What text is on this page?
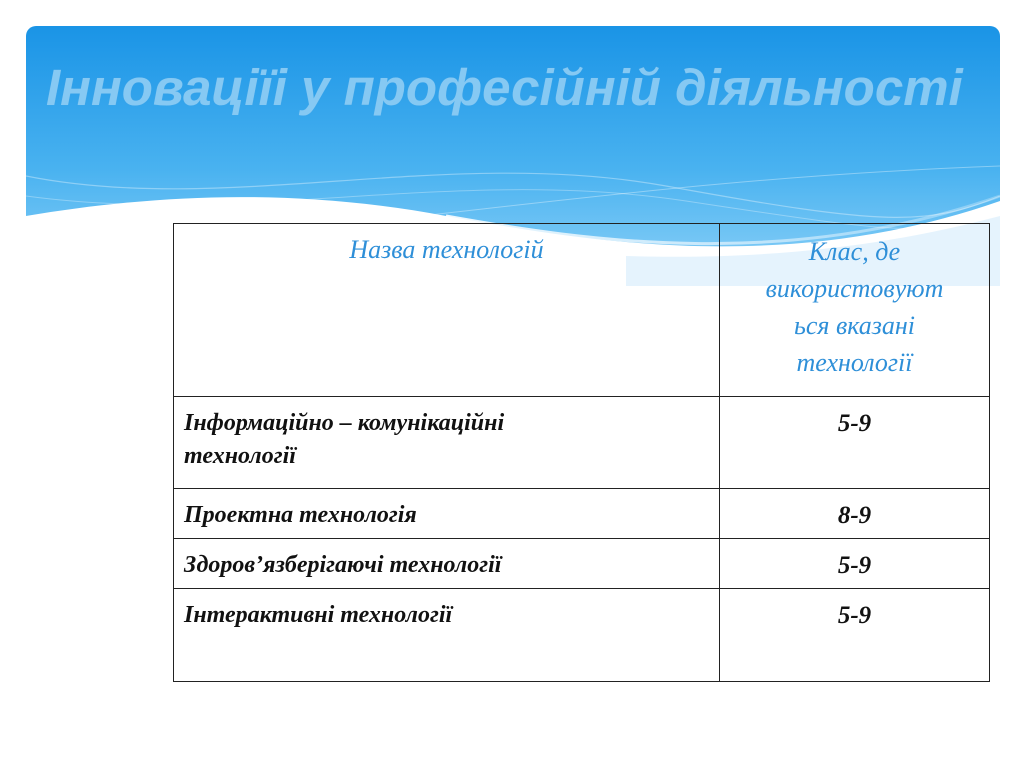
Інноваціїі у професійній діяльності
Назва технологій	Клас, де
використовуют
ься вказані
технології
Інформаційно – комунікаційні
технології	5-9
Проектна технологія	8-9
Здоров’язберігаючі технології	5-9
Інтерактивні технології	5-9
